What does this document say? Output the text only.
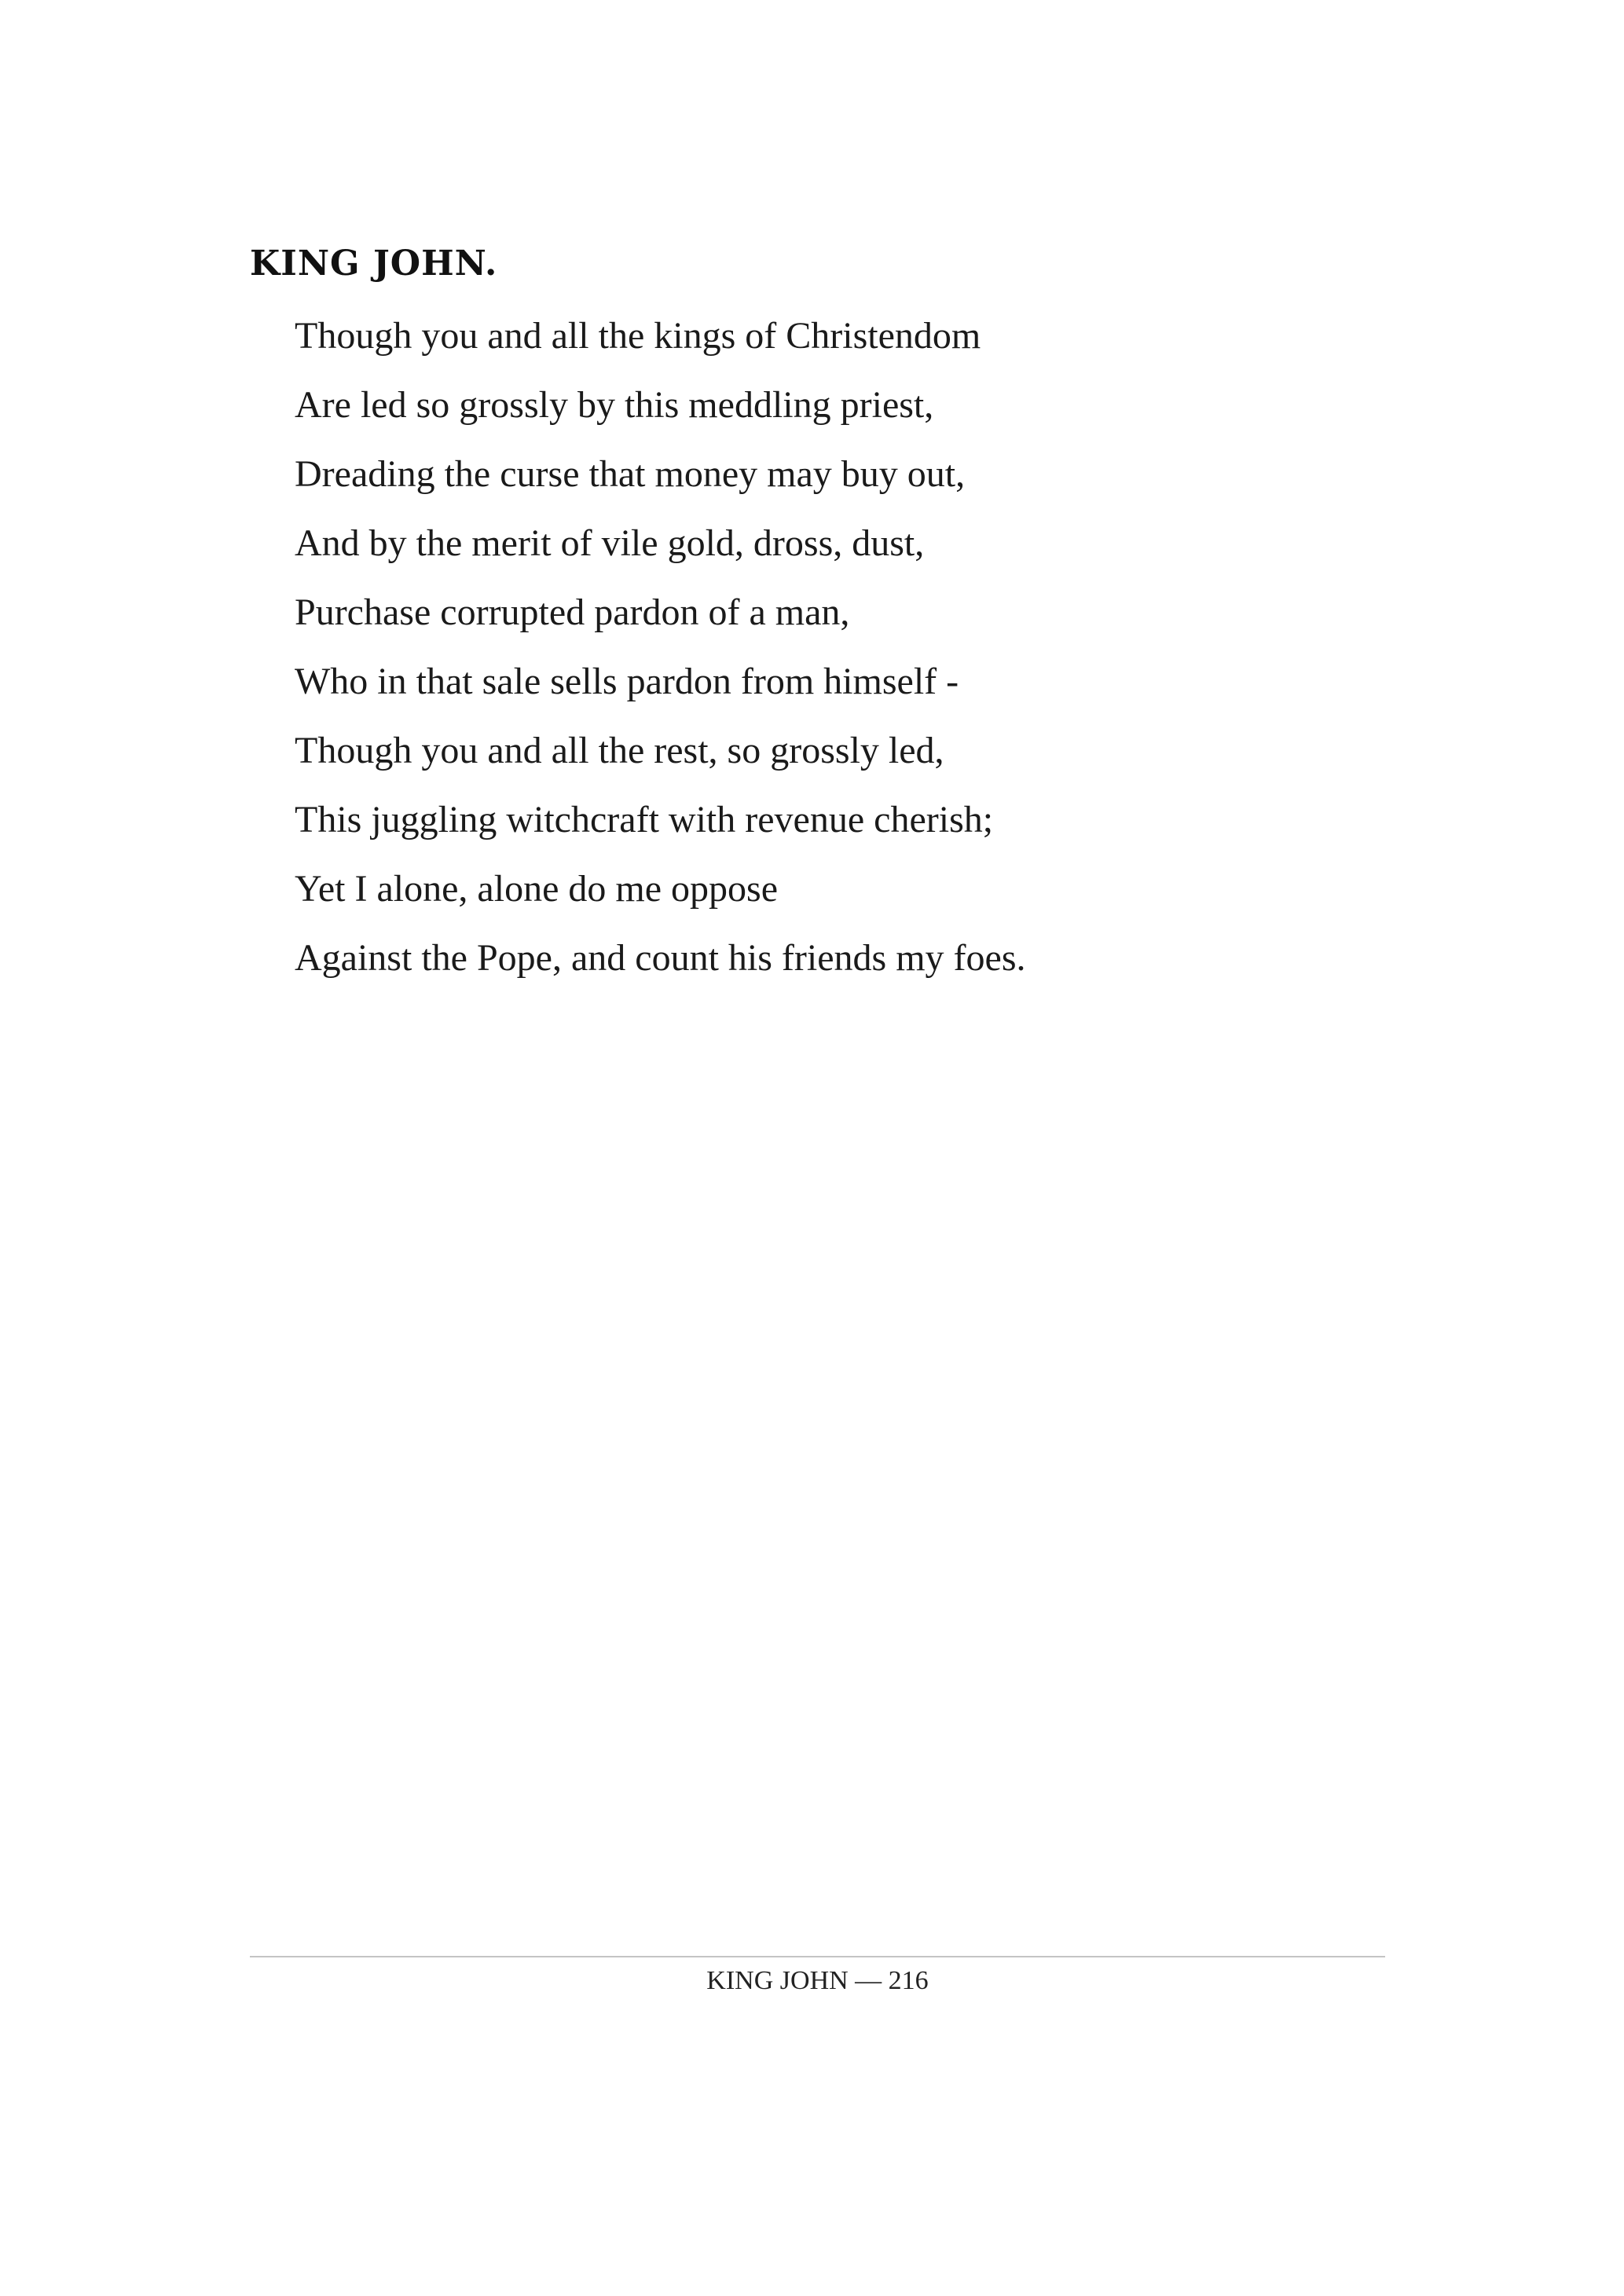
KING JOHN.
Though you and all the kings of Christendom
Are led so grossly by this meddling priest,
Dreading the curse that money may buy out,
And by the merit of vile gold, dross, dust,
Purchase corrupted pardon of a man,
Who in that sale sells pardon from himself -
Though you and all the rest, so grossly led,
This juggling witchcraft with revenue cherish;
Yet I alone, alone do me oppose
Against the Pope, and count his friends my foes.
KING JOHN — 216
